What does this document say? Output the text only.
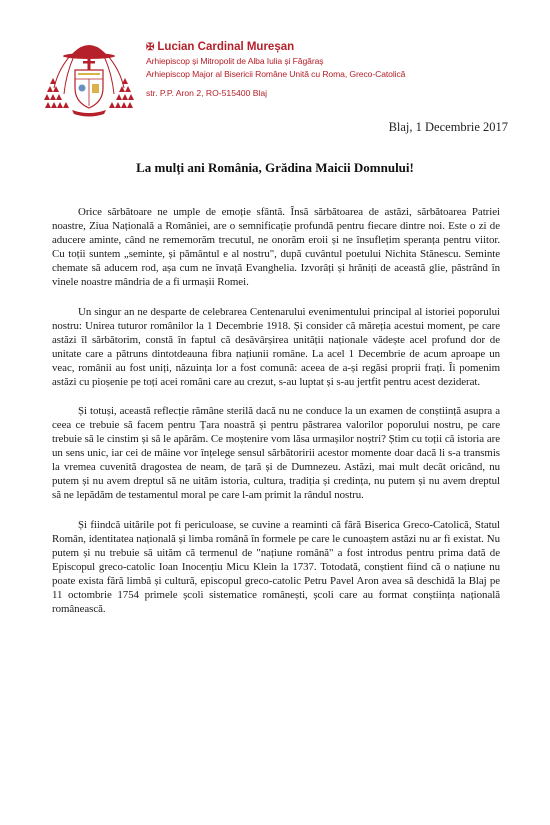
✠ Lucian Cardinal Mureșan
Arhiepiscop și Mitropolit de Alba Iulia și Făgăraș
Arhiepiscop Major al Bisericii Române Unită cu Roma, Greco-Catolică
str. P.P. Aron 2, RO-515400 Blaj
Blaj, 1 Decembrie 2017
La mulți ani România, Grădina Maicii Domnului!

Orice sărbătoare ne umple de emoție sfântă. Însă sărbătoarea de astăzi, sărbătoarea Patriei noastre, Ziua Națională a României, are o semnificație profundă pentru fiecare dintre noi. Este o zi de aducere aminte, când ne rememorăm trecutul, ne onorăm eroii și ne însuflețim speranța pentru viitor. Cu toții suntem „seminte, și pământul e al nostru", după cuvântul poetului Nichita Stănescu. Seminte chemate să aducem rod, așa cum ne învață Evanghelia. Izvorâți și hrăniți de această glie, păstrând în vinele noastre mândria de a fi urmașii Romei.

Un singur an ne desparte de celebrarea Centenarului evenimentului principal al istoriei poporului nostru: Unirea tuturor românilor la 1 Decembrie 1918. Și consider că măreția acestui moment, pe care astăzi îl sărbătorim, constă în faptul că desăvârșirea unității naționale vădește acel profund dor de unitate care a pătruns dintotdeauna fibra națiunii române. La acel 1 Decembrie de acum aproape un veac, românii au fost uniți, năzuința lor a fost comună: aceea de a-și regăsi proprii frați. Îi pomenim astăzi cu pioșenie pe toți acei români care au crezut, s-au luptat și s-au jertfit pentru acest deziderat.

Și totuși, această reflecție rămâne sterilă dacă nu ne conduce la un examen de conștiință asupra a ceea ce trebuie să facem pentru Țara noastră și pentru păstrarea valorilor poporului nostru, pe care trebuie să le cinstim și să le apărăm. Ce moștenire vom lăsa urmașilor noștri? Știm cu toții că istoria are un sens unic, iar cei de mâine vor înțelege sensul sărbătoririi acestor momente doar dacă li s-a transmis la vremea cuvenită dragostea de neam, de țară și de Dumnezeu. Astăzi, mai mult decât oricând, nu putem și nu avem dreptul să ne uităm istoria, cultura, tradiția și credința, nu putem și nu avem dreptul să ne lepădăm de testamentul moral pe care l-am primit la rândul nostru.

Și fiindcă uitările pot fi periculoase, se cuvine a reaminti că fără Biserica Greco-Catolică, Statul Român, identitatea națională și limba română în formele pe care le cunoaștem astăzi nu ar fi existat. Nu putem și nu trebuie să uităm că termenul de "națiune română" a fost introdus pentru prima dată de Episcopul greco-catolic Ioan Inocențiu Micu Klein la 1737. Totodată, conștient fiind că o națiune nu poate exista fără limbă și cultură, episcopul greco-catolic Petru Pavel Aron avea să deschidă la Blaj pe 11 octombrie 1754 primele școli sistematice românești, școli care au format conștiința națională românească.
